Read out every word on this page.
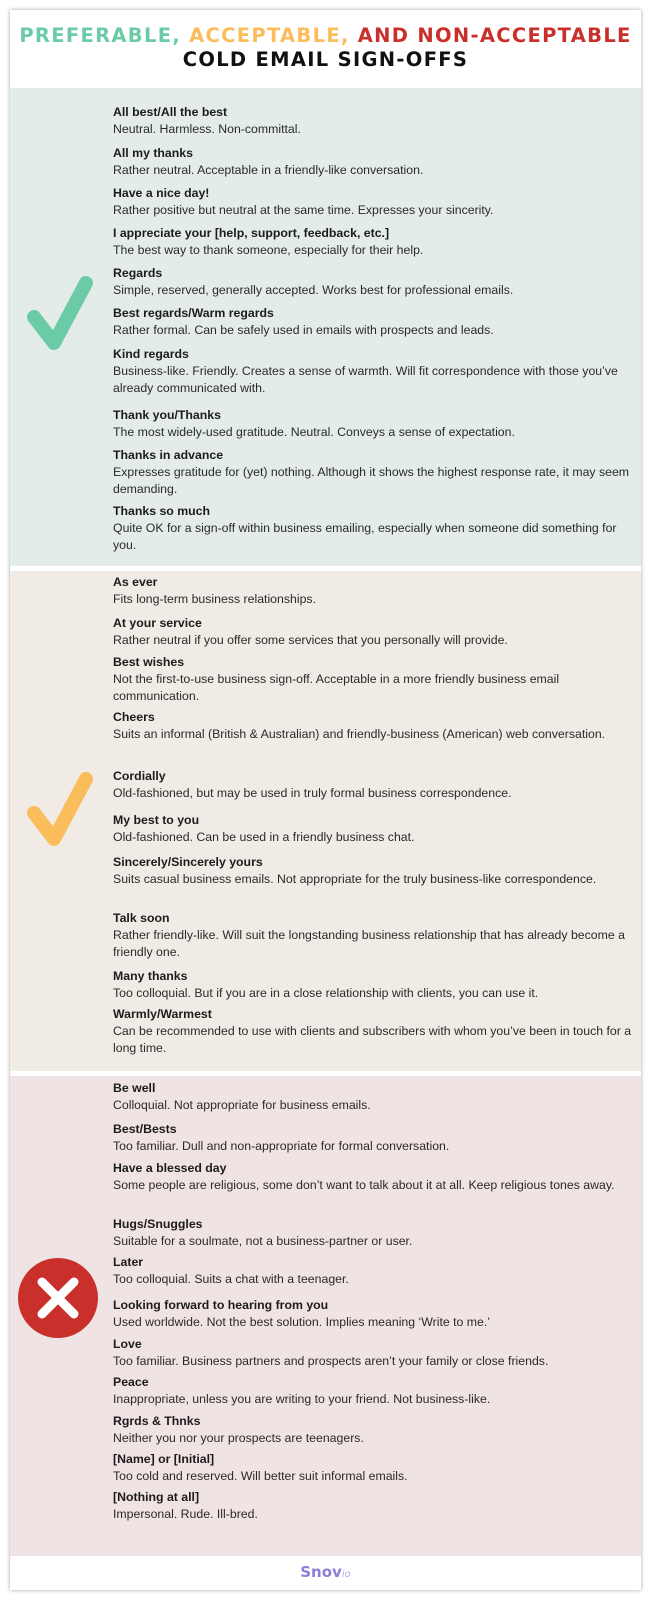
PREFERABLE, ACCEPTABLE, AND NON-ACCEPTABLE
COLD EMAIL SIGN-OFFS
All best/All the best
Neutral. Harmless. Non-committal.
All my thanks
Rather neutral. Acceptable in a friendly-like conversation.
Have a nice day!
Rather positive but neutral at the same time. Expresses your sincerity.
I appreciate your [help, support, feedback, etc.]
The best way to thank someone, especially for their help.
Regards
Simple, reserved, generally accepted. Works best for professional emails.
Best regards/Warm regards
Rather formal. Can be safely used in emails with prospects and leads.
Kind regards
Business-like. Friendly. Creates a sense of warmth. Will fit correspondence with those you’ve already communicated with.
Thank you/Thanks
The most widely-used gratitude. Neutral. Conveys a sense of expectation.
Thanks in advance
Expresses gratitude for (yet) nothing. Although it shows the highest response rate, it may seem demanding.
Thanks so much
Quite OK for a sign-off within business emailing, especially when someone did something for you.
As ever
Fits long-term business relationships.
At your service
Rather neutral if you offer some services that you personally will provide.
Best wishes
Not the first-to-use business sign-off. Acceptable in a more friendly business email communication.
Cheers
Suits an informal (British & Australian) and friendly-business (American) web conversation.
Cordially
Old-fashioned, but may be used in truly formal business correspondence.
My best to you
Old-fashioned. Can be used in a friendly business chat.
Sincerely/Sincerely yours
Suits casual business emails. Not appropriate for the truly business-like correspondence.
Talk soon
Rather friendly-like. Will suit the longstanding business relationship that has already become a friendly one.
Many thanks
Too colloquial. But if you are in a close relationship with clients, you can use it.
Warmly/Warmest
Can be recommended to use with clients and subscribers with whom you’ve been in touch for a long time.
Be well
Colloquial. Not appropriate for business emails.
Best/Bests
Too familiar. Dull and non-appropriate for formal conversation.
Have a blessed day
Some people are religious, some don’t want to talk about it at all. Keep religious tones away.
Hugs/Snuggles
Suitable for a soulmate, not a business-partner or user.
Later
Too colloquial. Suits a chat with a teenager.
Looking forward to hearing from you
Used worldwide. Not the best solution. Implies meaning ‘Write to me.’
Love
Too familiar. Business partners and prospects aren’t your family or close friends.
Peace
Inappropriate, unless you are writing to your friend. Not business-like.
Rgrds & Thnks
Neither you nor your prospects are teenagers.
[Name] or [Initial]
Too cold and reserved. Will better suit informal emails.
[Nothing at all]
Impersonal. Rude. Ill-bred.
Snovio
